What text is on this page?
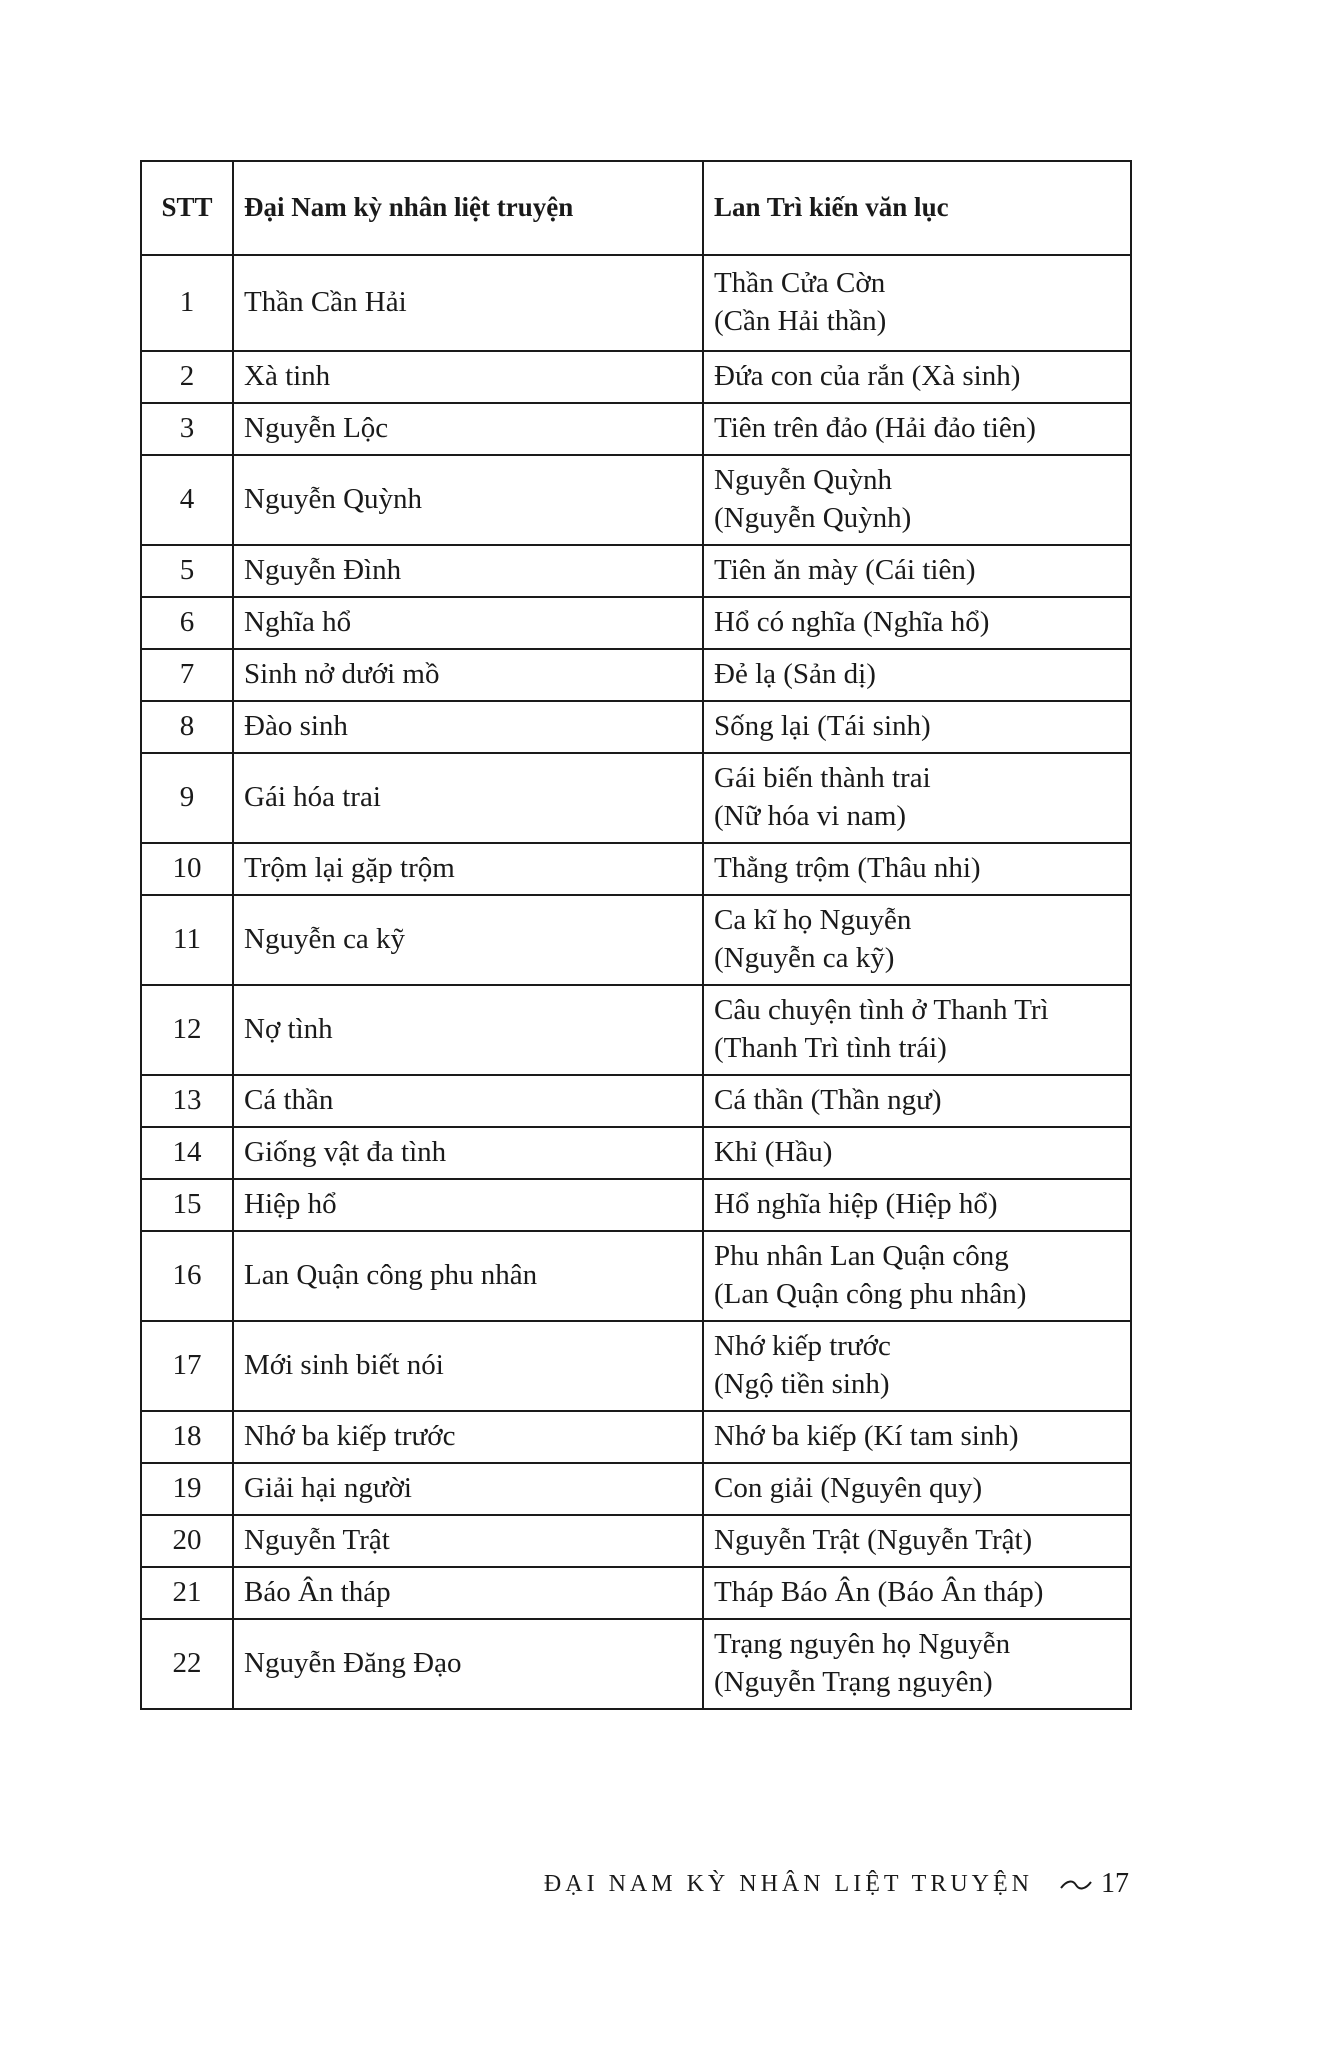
STT	Đại Nam kỳ nhân liệt truyện	Lan Trì kiến văn lục
1	Thần Cần Hải	Thần Cửa Cờn
(Cần Hải thần)

2	Xà tinh	Đứa con của rắn (Xà sinh)

3	Nguyễn Lộc	Tiên trên đảo (Hải đảo tiên)

4	Nguyễn Quỳnh	Nguyễn Quỳnh
(Nguyễn Quỳnh)

5	Nguyễn Đình	Tiên ăn mày (Cái tiên)

6	Nghĩa hổ	Hổ có nghĩa (Nghĩa hổ)

7	Sinh nở dưới mồ	Đẻ lạ (Sản dị)

8	Đào sinh	Sống lại (Tái sinh)

9	Gái hóa trai	Gái biến thành trai
(Nữ hóa vi nam)

10	Trộm lại gặp trộm	Thằng trộm (Thâu nhi)

11	Nguyễn ca kỹ	Ca kĩ họ Nguyễn
(Nguyễn ca kỹ)

12	Nợ tình	Câu chuyện tình ở Thanh Trì
(Thanh Trì tình trái)

13	Cá thần	Cá thần (Thần ngư)

14	Giống vật đa tình	Khỉ (Hầu)

15	Hiệp hổ	Hổ nghĩa hiệp (Hiệp hổ)

16	Lan Quận công phu nhân	Phu nhân Lan Quận công
(Lan Quận công phu nhân)

17	Mới sinh biết nói	Nhớ kiếp trước
(Ngộ tiền sinh)

18	Nhớ ba kiếp trước	Nhớ ba kiếp (Kí tam sinh)

19	Giải hại người	Con giải (Nguyên quy)

20	Nguyễn Trật	Nguyễn Trật (Nguyễn Trật)

21	Báo Ân tháp	Tháp Báo Ân (Báo Ân tháp)

22	Nguyễn Đăng Đạo	Trạng nguyên họ Nguyễn
(Nguyễn Trạng nguyên)
ĐẠI NAM KỲ NHÂN LIỆT TRUYỆN 17
